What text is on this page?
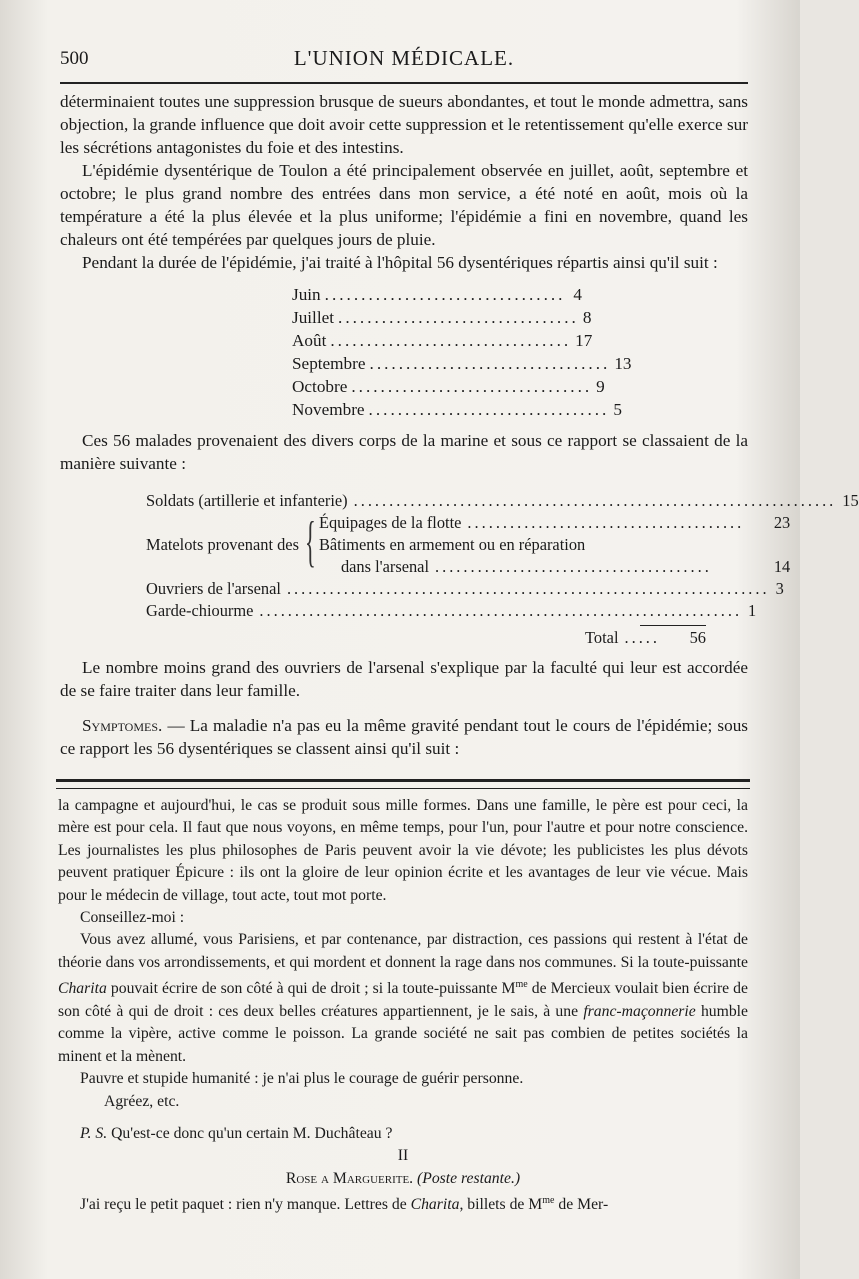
500	L'UNION MÉDICALE.

déterminaient toutes une suppression brusque de sueurs abondantes, et tout le monde admettra, sans objection, la grande influence que doit avoir cette suppression et le retentissement qu'elle exerce sur les sécrétions antagonistes du foie et des intestins.

L'épidémie dysentérique de Toulon a été principalement observée en juillet, août, septembre et octobre; le plus grand nombre des entrées dans mon service, a été noté en août, mois où la température a été la plus élevée et la plus uniforme; l'épidémie a fini en novembre, quand les chaleurs ont été tempérées par quelques jours de pluie.

Pendant la durée de l'épidémie, j'ai traité à l'hôpital 56 dysentériques répartis ainsi qu'il suit :

Juin ................................. 4
Juillet ................................. 8
Août ................................. 17
Septembre ................................. 13
Octobre ................................. 9
Novembre ................................. 5

Ces 56 malades provenaient des divers corps de la marine et sous ce rapport se classaient de la manière suivante :

Soldats (artillerie et infanterie) .................................................................... 15
Matelots provenant des { Équipages de la flotte .......................................	23
Bâtiments en armement ou en réparation
dans l'arsenal .......................................	14
Ouvriers de l'arsenal .................................................................... 3
Garde-chiourme .................................................................... 1
Total .....	56

Le nombre moins grand des ouvriers de l'arsenal s'explique par la faculté qui leur est accordée de se faire traiter dans leur famille.

Symptomes. — La maladie n'a pas eu la même gravité pendant tout le cours de l'épidémie; sous ce rapport les 56 dysentériques se classent ainsi qu'il suit :

la campagne et aujourd'hui, le cas se produit sous mille formes. Dans une famille, le père est pour ceci, la mère est pour cela. Il faut que nous voyons, en même temps, pour l'un, pour l'autre et pour notre conscience. Les journalistes les plus philosophes de Paris peuvent avoir la vie dévote; les publicistes les plus dévots peuvent pratiquer Épicure : ils ont la gloire de leur opinion écrite et les avantages de leur vie vécue. Mais pour le médecin de village, tout acte, tout mot porte.

Conseillez-moi :

Vous avez allumé, vous Parisiens, et par contenance, par distraction, ces passions qui restent à l'état de théorie dans vos arrondissements, et qui mordent et donnent la rage dans nos communes. Si la toute-puissante Charita pouvait écrire de son côté à qui de droit ; si la toute-puissante $M^{me}$ de Mercieux voulait bien écrire de son côté à qui de droit : ces deux belles créatures appartiennent, je le sais, à une franc-maçonnerie humble comme la vipère, active comme le poisson. La grande société ne sait pas combien de petites sociétés la minent et la mènent.

Pauvre et stupide humanité : je n'ai plus le courage de guérir personne.

Agréez, etc.

P. S. Qu'est-ce donc qu'un certain M. Duchâteau ?

II

Rose a Marguerite. (Poste restante.)

J'ai reçu le petit paquet : rien n'y manque. Lettres de Charita, billets de $M^{me}$ de Mer-
